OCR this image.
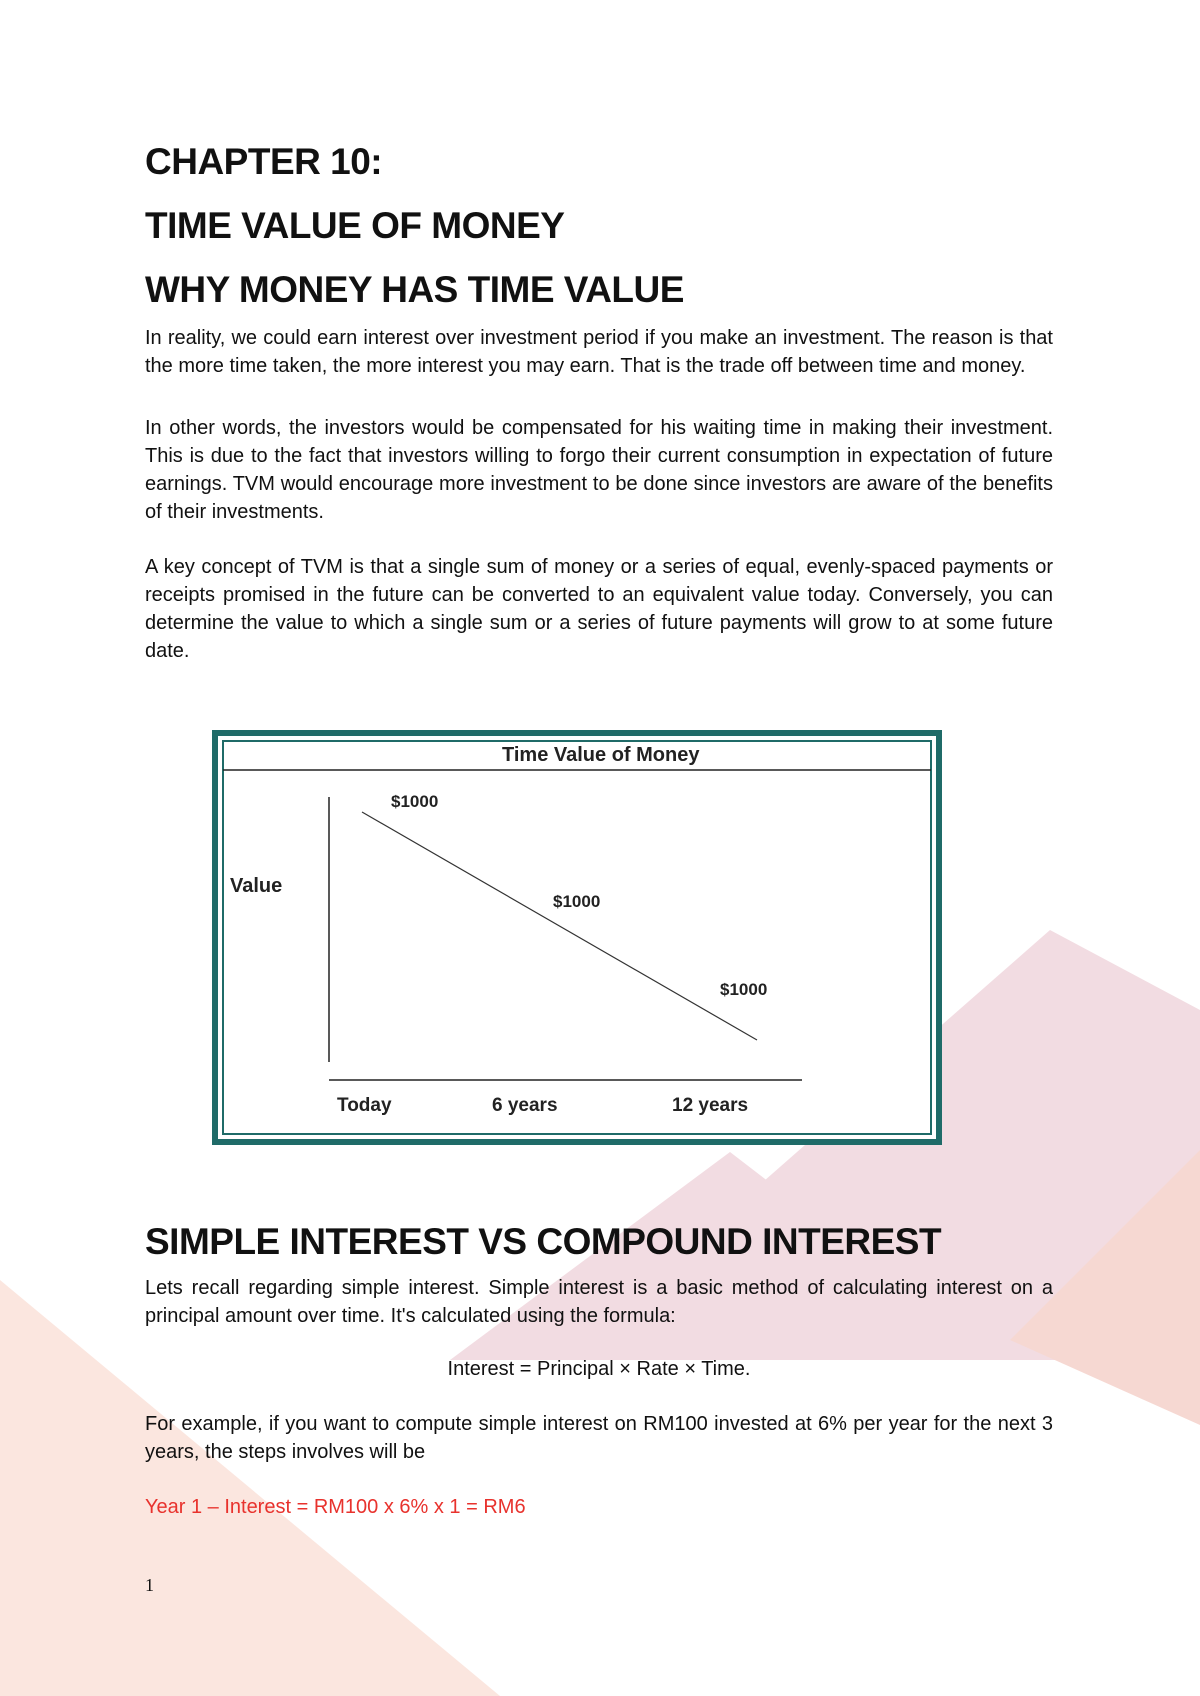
CHAPTER 10:
TIME VALUE OF MONEY
WHY MONEY HAS TIME VALUE

In reality, we could earn interest over investment period if you make an investment. The reason is that the more time taken, the more interest you may earn. That is the trade off between time and money.

In other words, the investors would be compensated for his waiting time in making their investment. This is due to the fact that investors willing to forgo their current consumption in expectation of future earnings. TVM would encourage more investment to be done since investors are aware of the benefits of their investments.

A key concept of TVM is that a single sum of money or a series of equal, evenly-spaced payments or receipts promised in the future can be converted to an equivalent value today. Conversely, you can determine the value to which a single sum or a series of future payments will grow to at some future date.

Time Value of Money
Value
$1000
$1000
$1000
Today	6 years	12 years
SIMPLE INTEREST VS COMPOUND INTEREST

Lets recall regarding simple interest. Simple interest is a basic method of calculating interest on a principal amount over time. It's calculated using the formula:

Interest = Principal × Rate × Time.

For example, if you want to compute simple interest on RM100 invested at 6% per year for the next 3 years, the steps involves will be

Year 1 – Interest = RM100 x 6% x 1 = RM6

1
